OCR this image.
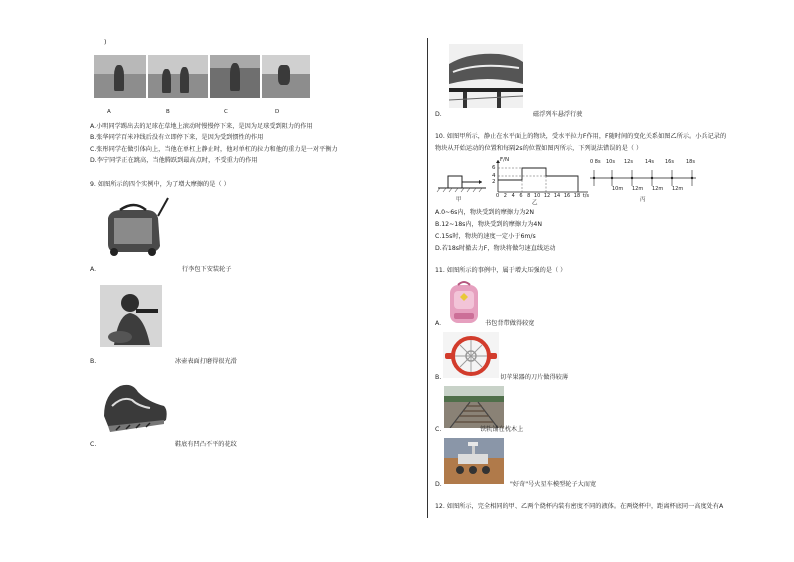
)
A	B	C	D
A.小明同学踢出去的足球在草地上滚动时慢慢停下来，是因为足球受到阻力的作用
B.张华同学百米冲线后没有立即停下来，是因为受到惯性的作用
C.张彤同学在做引体向上，当他在单杠上静止时，他对单杠的拉力和他的重力是一对平衡力
D.李宁同学正在跳高，当他腾跃到最高点时，不受重力的作用
9. 如图所示的四个实例中，为了增大摩擦的是（ ）
A.	行李包下安装轮子
B.	冰壶表面打磨得很光滑
C.	鞋底有凹凸不平的花纹
D.	磁浮列车悬浮行驶
10. 如图甲所示，静止在水平面上的物块，受水平拉力F作用，F随时间的变化关系如图乙所示。小兵记录的
物块从开始运动的位置和每隔2s的位置如图丙所示，下列说法错误的是（ ）
甲
F/N
6
4
2
0 2 4 6 8 10 12 14 16 18 t/s
乙
0 8s 10s 12s 14s 16s 18s
10m 12m 12m 12m
丙
A.0~6s内，物块受到的摩擦力为2N
B.12~18s内，物块受到的摩擦力为4N
C.15s时，物块的速度一定小于6m/s
D.若18s时撤去力F，物块将做匀速直线运动
11. 如图所示的事例中，属于增大压强的是（ ）
A.	书包背带做得较宽
B.	切苹果器的刀片做得较薄
C.	铁轨铺在枕木上
D.	"好奇"号火星车模型轮子大而宽
12. 如图所示，完全相同的甲、乙两个烧杯内装有密度不同的液体。在两烧杯中，距离杯底同一高度处有A
